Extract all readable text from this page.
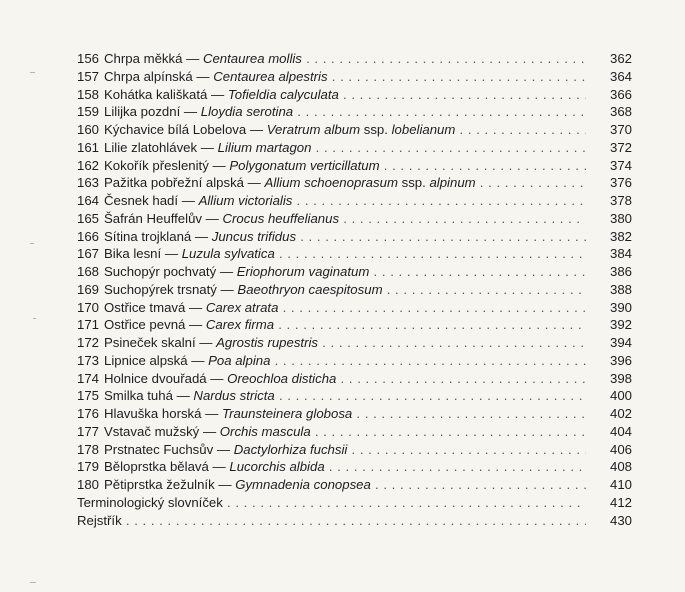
156 Chrpa měkká — Centaurea mollis . .	362
157 Chrpa alpínská — Centaurea alpestris . .	364
158 Kohátka kališkatá — Tofieldia calyculata . .	366
159 Lilijka pozdní — Lloydia serotina . .	368
160 Kýchavice bílá Lobelova — Veratrum album ssp. lobelianum . .	370
161 Lilie zlatohlávek — Lilium martagon . .	372
162 Kokořík přeslenitý — Polygonatum verticillatum . .	374
163 Pažitka pobřežní alpská — Allium schoenoprasum ssp. alpinum . .	376
164 Česnek hadí — Allium victorialis . .	378
165 Šafrán Heuffelův — Crocus heuffelianus . .	380
166 Sítina trojklaná — Juncus trifidus . .	382
167 Bika lesní — Luzula sylvatica . .	384
168 Suchopýr pochvatý — Eriophorum vaginatum . .	386
169 Suchopýrek trsnatý — Baeothryon caespitosum . .	388
170 Ostřice tmavá — Carex atrata . .	390
171 Ostřice pevná — Carex firma . .	392
172 Psineček skalní — Agrostis rupestris . .	394
173 Lipnice alpská — Poa alpina . .	396
174 Holnice dvouřadá — Oreochloa disticha . .	398
175 Smilka tuhá — Nardus stricta . .	400
176 Hlavuška horská — Traunsteinera globosa . .	402
177 Vstavač mužský — Orchis mascula . .	404
178 Prstnatec Fuchsův — Dactylorhiza fuchsii . .	406
179 Běloprstka bělavá — Lucorchis albida . .	408
180 Pětiprstka žežulník — Gymnadenia conopsea . .	410
Terminologický slovníček . .	412
Rejstřík . .	430
